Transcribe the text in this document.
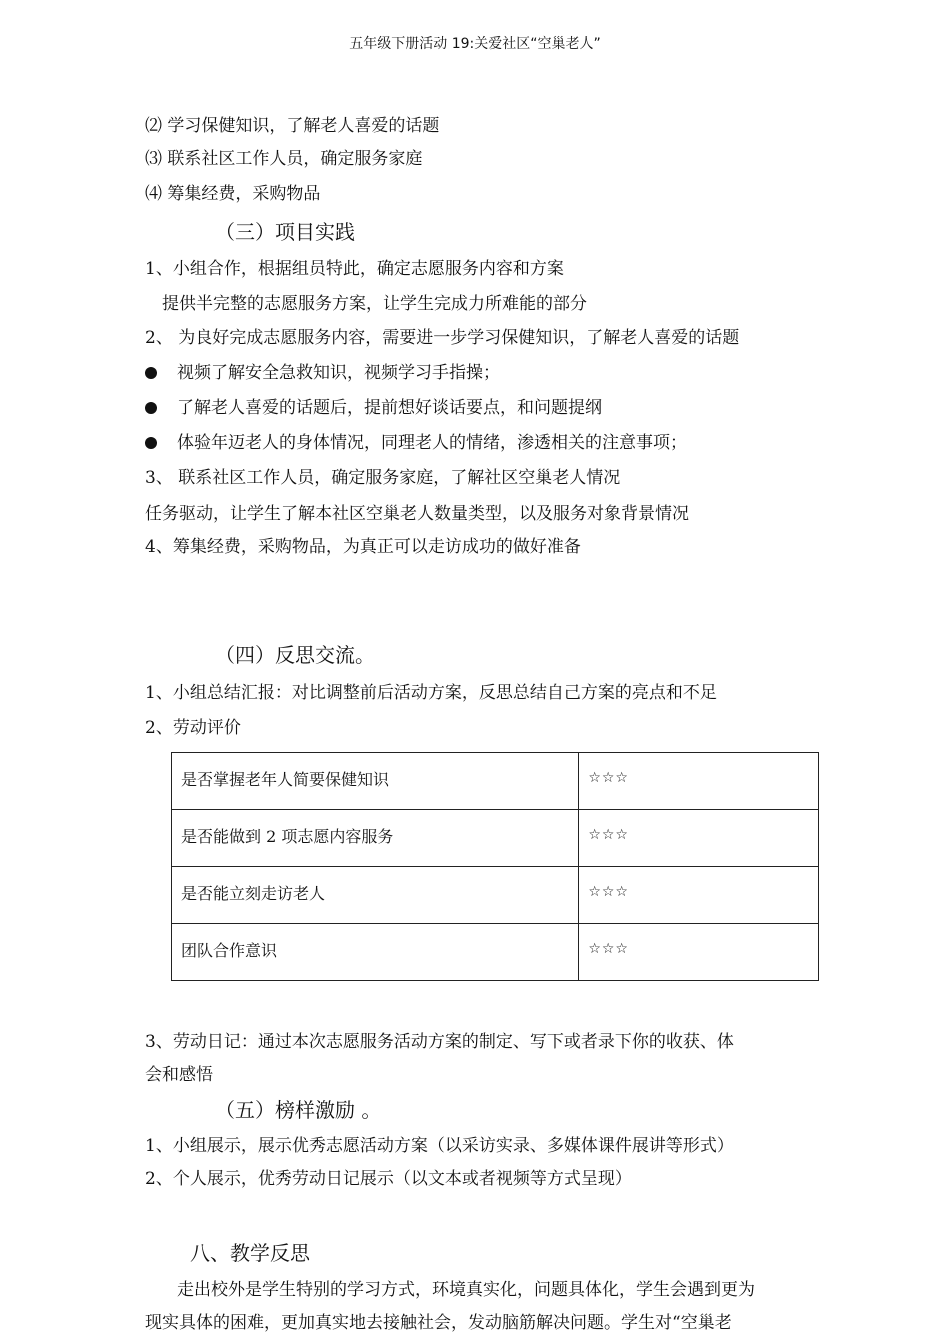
五年级下册活动 19:关爱社区“空巢老人”
⑵ 学习保健知识，了解老人喜爱的话题
⑶ 联系社区工作人员，确定服务家庭
⑷ 筹集经费，采购物品
（三）项目实践
1、小组合作，根据组员特此，确定志愿服务内容和方案
提供半完整的志愿服务方案，让学生完成力所难能的部分
2、 为良好完成志愿服务内容，需要进一步学习保健知识，了解老人喜爱的话题
视频了解安全急救知识，视频学习手指操；
了解老人喜爱的话题后，提前想好谈话要点，和问题提纲
体验年迈老人的身体情况，同理老人的情绪，渗透相关的注意事项；
3、 联系社区工作人员，确定服务家庭，了解社区空巢老人情况
任务驱动，让学生了解本社区空巢老人数量类型，以及服务对象背景情况
4、筹集经费，采购物品，为真正可以走访成功的做好准备
（四）反思交流。
1、小组总结汇报：对比调整前后活动方案，反思总结自己方案的亮点和不足
2、劳动评价
是否掌握老年人简要保健知识	☆☆☆
是否能做到 2 项志愿内容服务	☆☆☆
是否能立刻走访老人	☆☆☆
团队合作意识	☆☆☆
3、劳动日记：通过本次志愿服务活动方案的制定、写下或者录下你的收获、体
会和感悟
（五）榜样激励 。
1、小组展示，展示优秀志愿活动方案（以采访实录、多媒体课件展讲等形式）
2、个人展示，优秀劳动日记展示（以文本或者视频等方式呈现）
八、教学反思
走出校外是学生特别的学习方式，环境真实化，问题具体化，学生会遇到更为
现实具体的困难，更加真实地去接触社会，发动脑筋解决问题。学生对“空巢老
